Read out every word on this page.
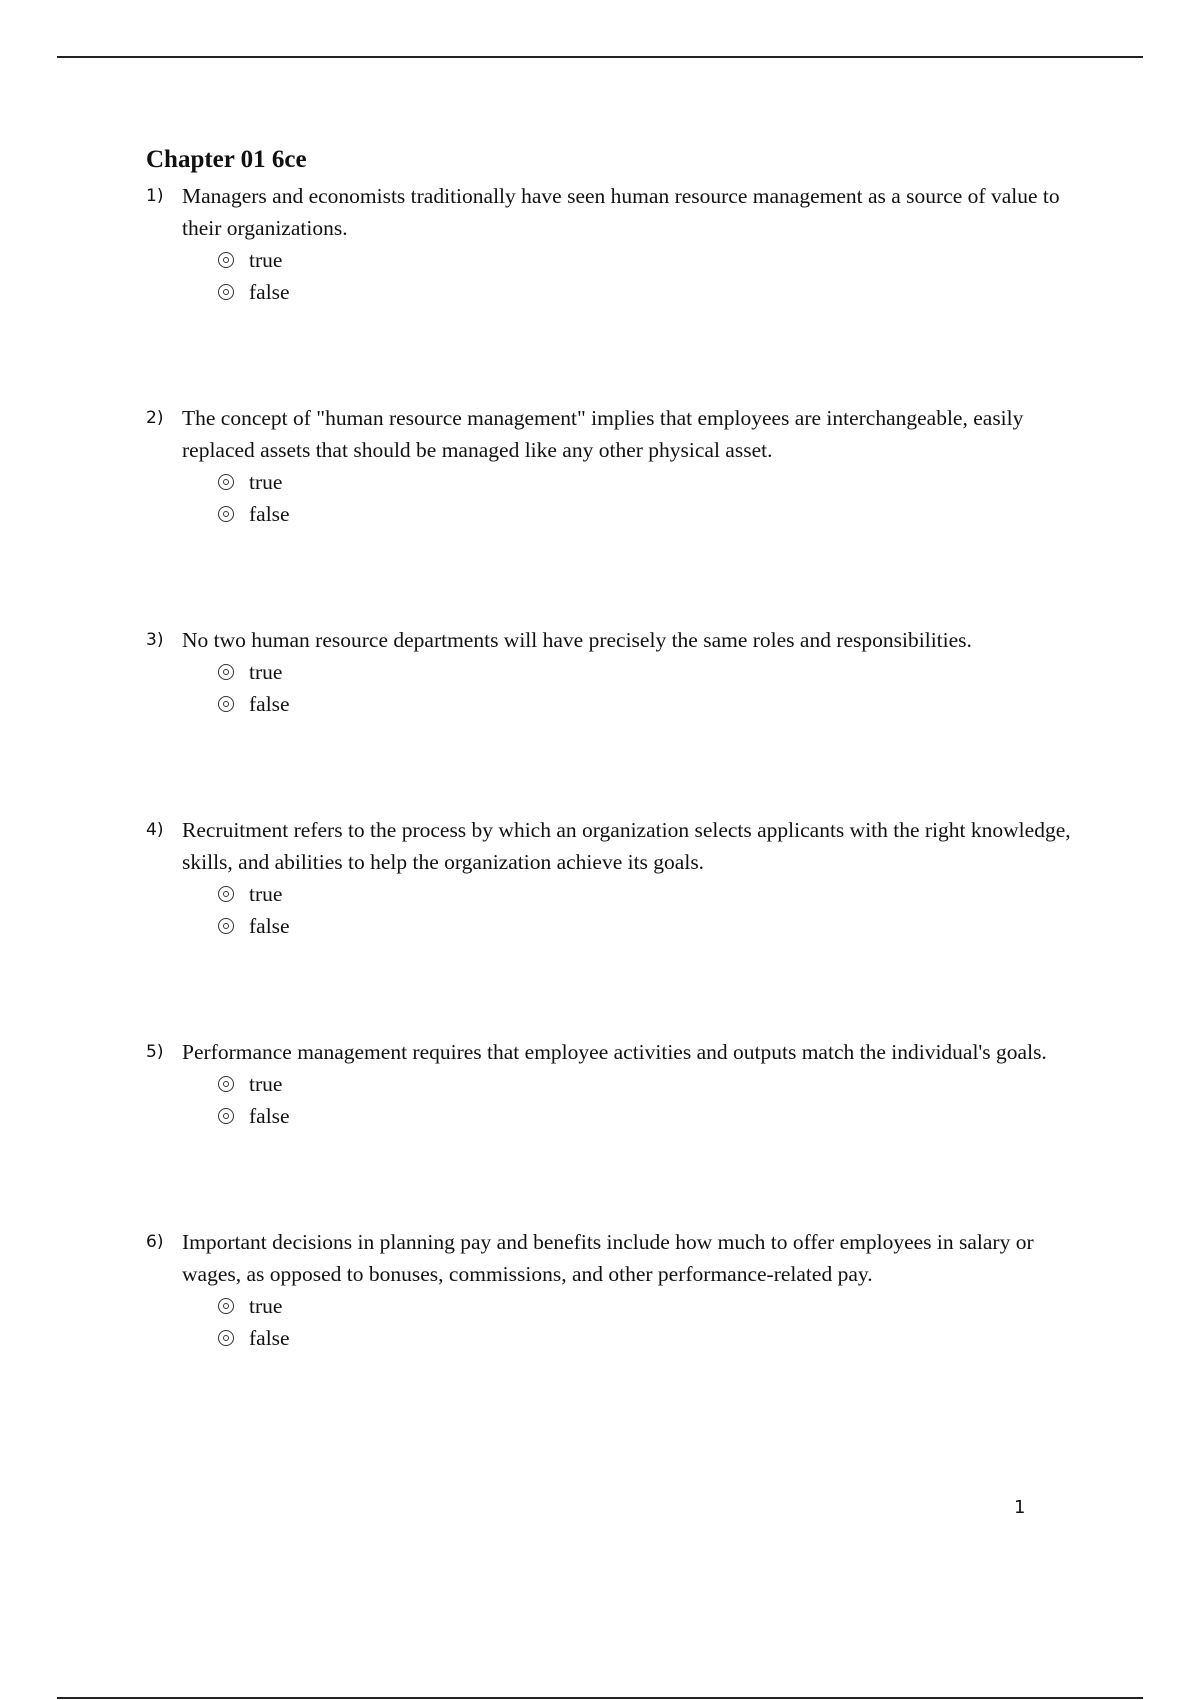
Chapter 01 6ce
1) Managers and economists traditionally have seen human resource management as a source of value to their organizations.
true
false
2) The concept of "human resource management" implies that employees are interchangeable, easily replaced assets that should be managed like any other physical asset.
true
false
3) No two human resource departments will have precisely the same roles and responsibilities.
true
false
4) Recruitment refers to the process by which an organization selects applicants with the right knowledge, skills, and abilities to help the organization achieve its goals.
true
false
5) Performance management requires that employee activities and outputs match the individual's goals.
true
false
6) Important decisions in planning pay and benefits include how much to offer employees in salary or wages, as opposed to bonuses, commissions, and other performance-related pay.
true
false
1
